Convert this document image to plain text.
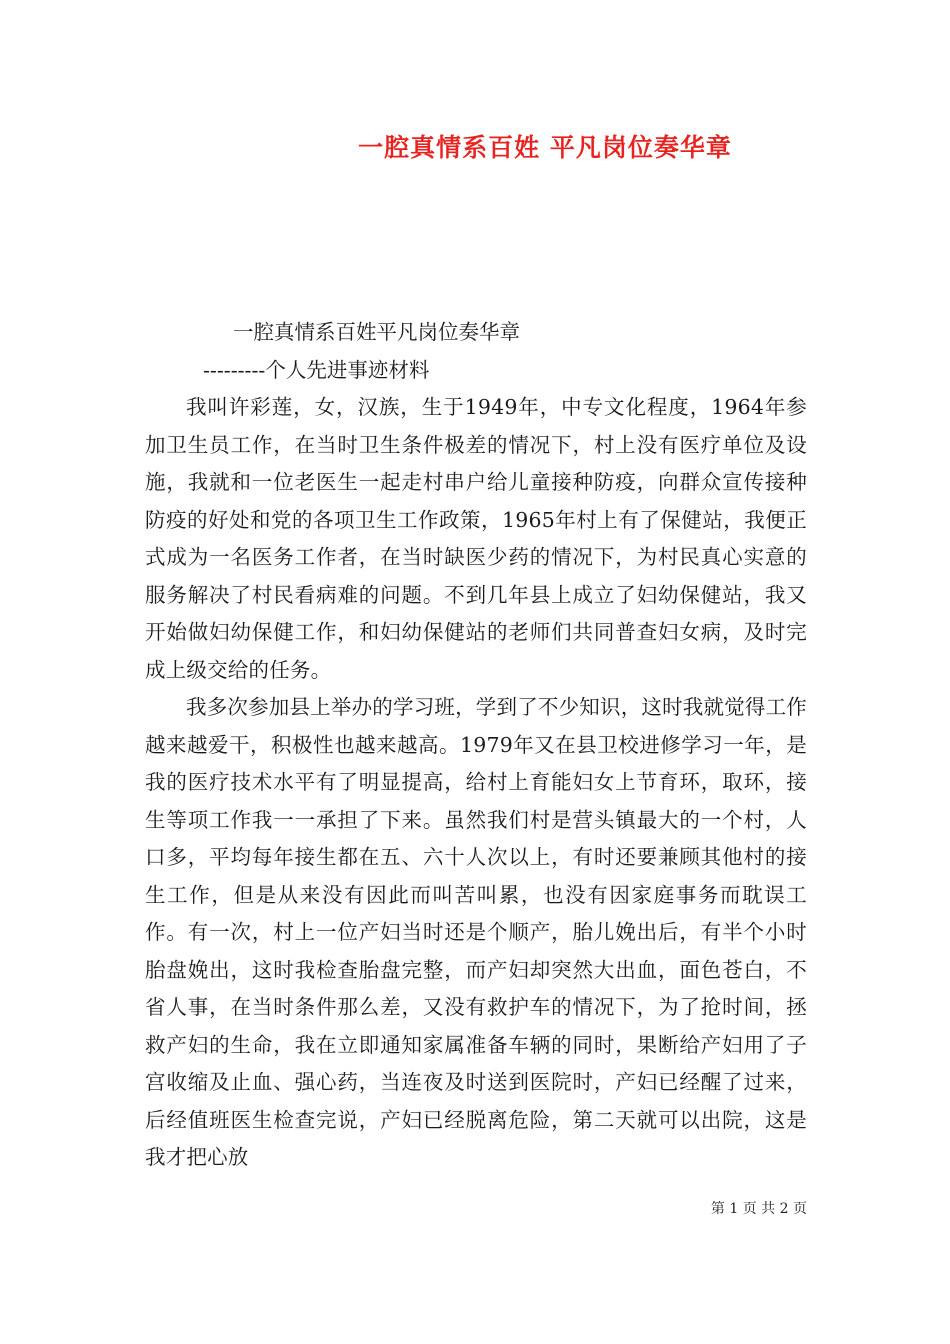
一腔真情系百姓 平凡岗位奏华章

一腔真情系百姓平凡岗位奏华章

---------个人先进事迹材料

我叫许彩莲，女，汉族，生于1949年，中专文化程度，1964年参加卫生员工作，在当时卫生条件极差的情况下，村上没有医疗单位及设施，我就和一位老医生一起走村串户给儿童接种防疫，向群众宣传接种防疫的好处和党的各项卫生工作政策，1965年村上有了保健站，我便正式成为一名医务工作者，在当时缺医少药的情况下，为村民真心实意的服务解决了村民看病难的问题。不到几年县上成立了妇幼保健站，我又开始做妇幼保健工作，和妇幼保健站的老师们共同普查妇女病，及时完成上级交给的任务。

我多次参加县上举办的学习班，学到了不少知识，这时我就觉得工作越来越爱干，积极性也越来越高。1979年又在县卫校进修学习一年，是我的医疗技术水平有了明显提高，给村上育能妇女上节育环，取环，接生等项工作我一一承担了下来。虽然我们村是营头镇最大的一个村，人口多，平均每年接生都在五、六十人次以上，有时还要兼顾其他村的接生工作，但是从来没有因此而叫苦叫累，也没有因家庭事务而耽误工作。有一次，村上一位产妇当时还是个顺产，胎儿娩出后，有半个小时胎盘娩出，这时我检查胎盘完整，而产妇却突然大出血，面色苍白，不省人事，在当时条件那么差，又没有救护车的情况下，为了抢时间，拯救产妇的生命，我在立即通知家属准备车辆的同时，果断给产妇用了子宫收缩及止血、强心药，当连夜及时送到医院时，产妇已经醒了过来，后经值班医生检查完说，产妇已经脱离危险，第二天就可以出院，这是我才把心放

第 1 页 共 2 页
